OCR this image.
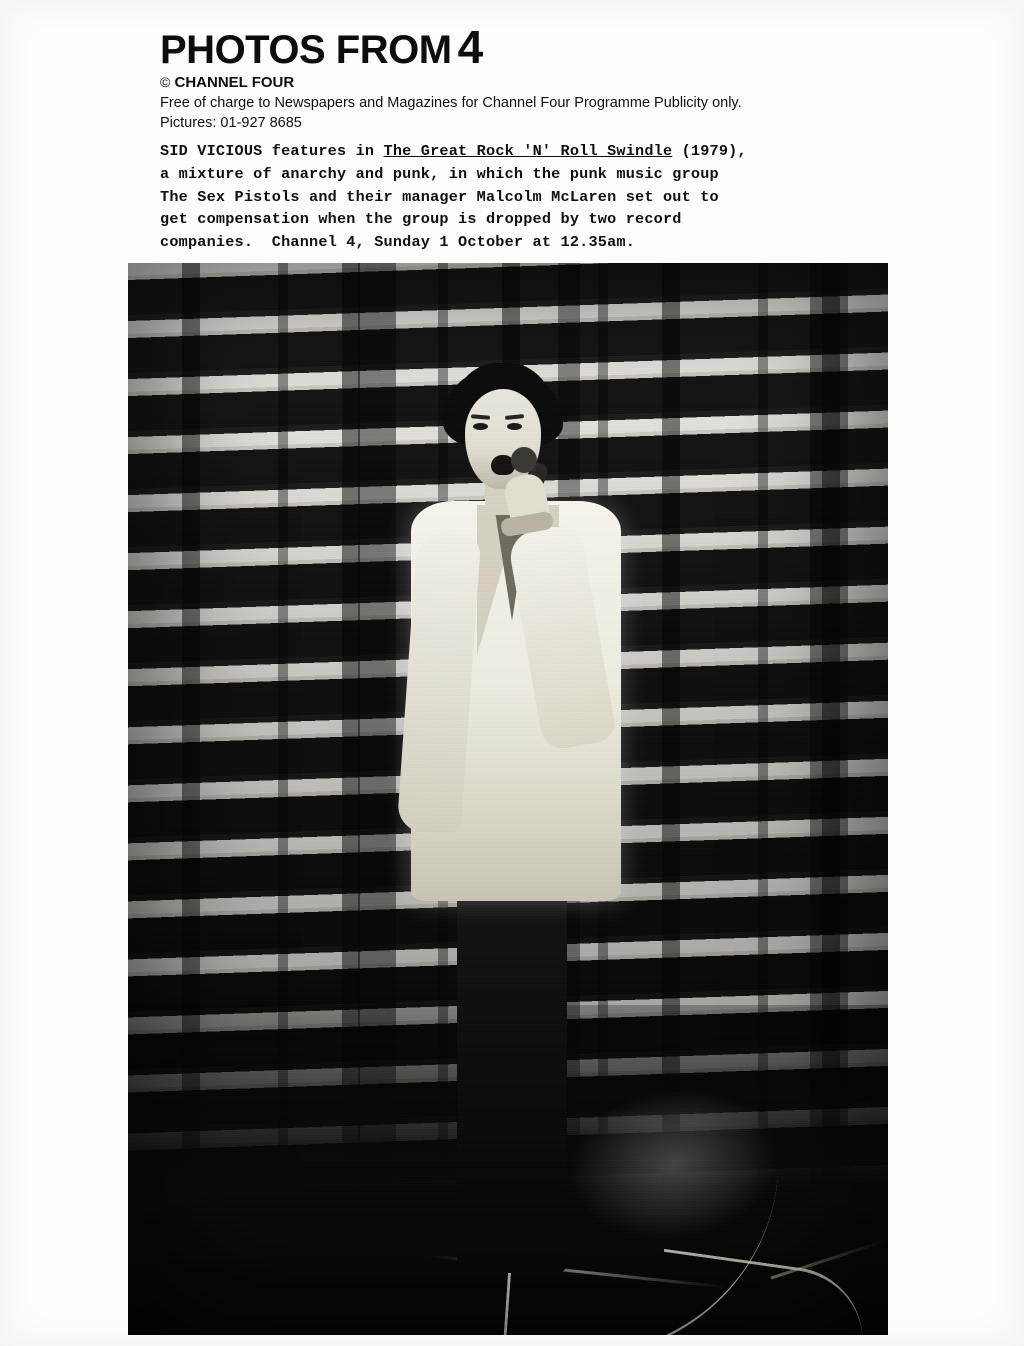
PHOTOS FROM 4
© CHANNEL FOUR

Free of charge to Newspapers and Magazines for Channel Four Programme Publicity only.

Pictures: 01-927 8685

SID VICIOUS features in The Great Rock 'N' Roll Swindle (1979),
a mixture of anarchy and punk, in which the punk music group
The Sex Pistols and their manager Malcolm McLaren set out to
get compensation when the group is dropped by two record
companies.  Channel 4, Sunday 1 October at 12.35am.
